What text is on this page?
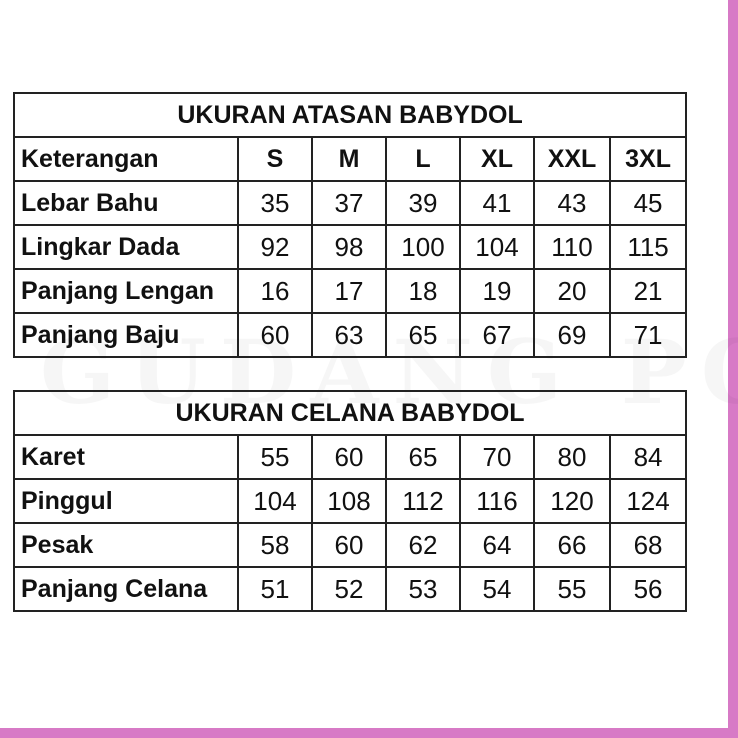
UKURAN ATASAN BABYDOL						
Keterangan	S	M	L	XL	XXL	3XL
Lebar Bahu	35	37	39	41	43	45
Lingkar Dada	92	98	100	104	110	115
Panjang Lengan	16	17	18	19	20	21
Panjang Baju	60	63	65	67	69	71
UKURAN CELANA BABYDOL						
Karet	55	60	65	70	80	84
Pinggul	104	108	112	116	120	124
Pesak	58	60	62	64	66	68
Panjang Celana	51	52	53	54	55	56
